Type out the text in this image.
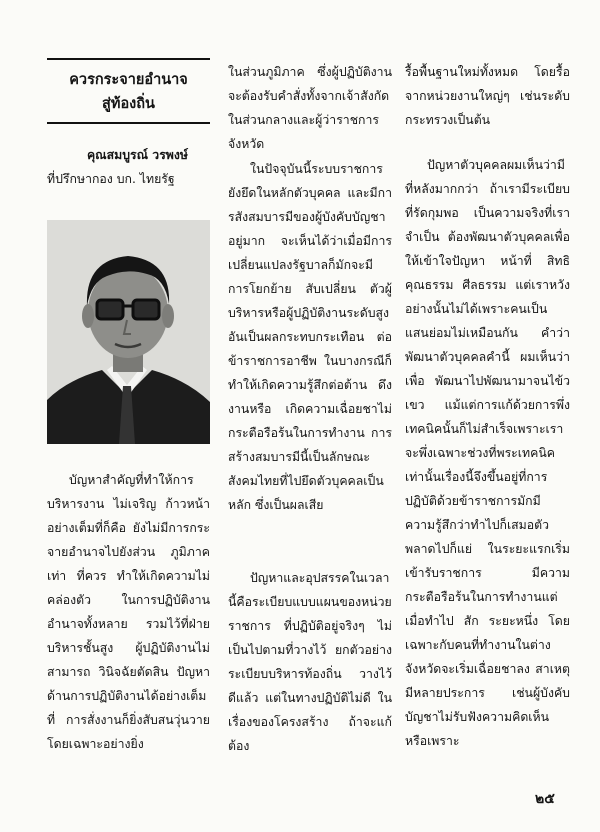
ควรกระจายอำนาจ
สู่ท้องถิ่น
คุณสมบูรณ์ วรพงษ์
ที่ปรึกษากอง บก. ไทยรัฐ

บัญหาสำคัญที่ทำให้การบริหารงาน ไม่เจริญ ก้าวหน้า อย่างเต็มที่ก็คือ ยังไม่มีการกระจายอำนาจไปยังส่วน ภูมิภาคเท่า ที่ควร ทำให้เกิดความไม่คล่องตัว ในการปฏิบัติงาน อำนาจทั้งหลาย รวมไว้ที่ฝ่ายบริหารชั้นสูง ผู้ปฏิบัติงานไม่ สามารถ วินิจฉัยตัดสิน ปัญหาด้านการปฏิบัติงานได้อย่างเต็มที่ การสั่งงานก็ยิ่งสับสนวุ่นวาย โดยเฉพาะอย่างยิ่ง

ในส่วนภูมิภาค ซึ่งผู้ปฏิบัติงานจะต้องรับคำสั่งทั้งจากเจ้าสังกัดในส่วนกลางและผู้ว่าราชการจังหวัด

ในปัจจุบันนี้ระบบราชการยังยึดในหลักตัวบุคคล และมีการสังสมบารมีของผู้บังคับบัญชา อยู่มาก จะเห็นได้ว่าเมื่อมีการเปลี่ยนแปลงรัฐบาลก็มักจะมีการโยกย้าย สับเปลี่ยน ตัวผู้บริหารหรือผู้ปฏิบัติงานระดับสูง อันเป็นผลกระทบกระเทือน ต่อข้าราชการอาชีพ ในบางกรณีก็ทำให้เกิดความรู้สึกต่อต้าน ดึงงานหรือ เกิดความเฉื่อยชาไม่กระตือรือร้นในการทำงาน การสร้างสมบารมีนี้เป็นลักษณะสังคมไทยที่ไปยึดตัวบุคคลเป็นหลัก ซึ่งเป็นผลเสีย

ปัญหาและอุปสรรคในเวลานี้คือระเบียบแบบแผนของหน่วยราชการ ที่ปฏิบัติอยู่จริงๆ ไม่เป็นไปตามที่วางไว้ ยกตัวอย่างระเบียบบริหารท้องถิ่น วางไว้ดีแล้ว แต่ในทางปฏิบัติไม่ดี ในเรื่องของโครงสร้าง ถ้าจะแก้ต้อง

รื้อพื้นฐานใหม่ทั้งหมด โดยรื้อจากหน่วยงานใหญ่ๆ เช่นระดับกระทรวงเป็นต้น

ปัญหาตัวบุคคลผมเห็นว่ามีที่หลังมากกว่า ถ้าเรามีระเบียบที่รัดกุมพอ เป็นความจริงที่เราจำเป็น ต้องพัฒนาตัวบุคคลเพื่อให้เข้าใจปัญหา หน้าที่ สิทธิ คุณธรรม ศีลธรรม แต่เราหวังอย่างนั้นไม่ได้เพราะคนเป็นแสนย่อมไม่เหมือนกัน คำว่าพัฒนาตัวบุคคลคำนี้ ผมเห็นว่าเพื่อ พัฒนาไปพัฒนามาจนไข้วเขว แม้แต่การแก้ด้วยการพึ่งเทคนิคนั้นก็ไม่สำเร็จเพราะเราจะพึ่งเฉพาะช่วงที่พระเทคนิคเท่านั้นเรื่องนี้จึงขึ้นอยู่ที่การปฏิบัติด้วยข้าราชการมักมีความรู้สึกว่าทำไปก็เสมอตัว พลาดไปก็แย่ ในระยะแรกเริ่มเข้ารับราชการ มีความกระตือรือร้นในการทำงานแต่เมื่อทำไป สัก ระยะหนึ่ง โดยเฉพาะกับคนที่ทำงานในต่างจังหวัดจะเริ่มเฉื่อยชาลง สาเหตุมีหลายประการ เช่นผู้บังคับบัญชาไม่รับฟังความคิดเห็น หรือเพราะ

๒๕
